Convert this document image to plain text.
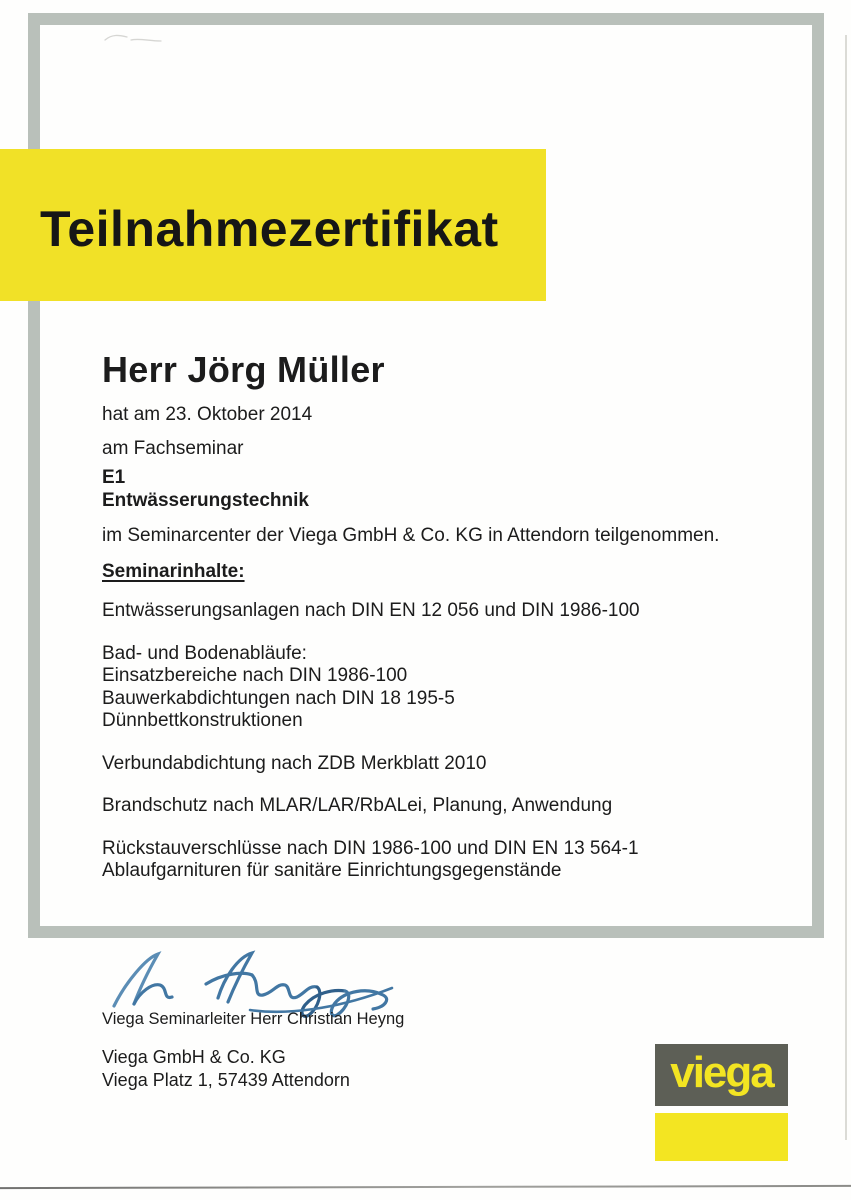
Teilnahmezertifikat
Herr Jörg Müller
hat am 23. Oktober 2014
am Fachseminar
E1
Entwässerungstechnik
im Seminarcenter der Viega GmbH & Co. KG in Attendorn teilgenommen.
Seminarinhalte:
Entwässerungsanlagen nach DIN EN 12 056 und DIN 1986-100
Bad- und Bodenabläufe:
Einsatzbereiche nach DIN 1986-100
Bauwerkabdichtungen nach DIN 18 195-5
Dünnbettkonstruktionen
Verbundabdichtung nach ZDB Merkblatt 2010
Brandschutz nach MLAR/LAR/RbALei, Planung, Anwendung
Rückstauverschlüsse nach DIN 1986-100 und DIN EN 13 564-1
Ablaufgarnituren für sanitäre Einrichtungsgegenstände
Viega Seminarleiter Herr Christian Heyng
Viega GmbH & Co. KG
Viega Platz 1, 57439 Attendorn	viega
